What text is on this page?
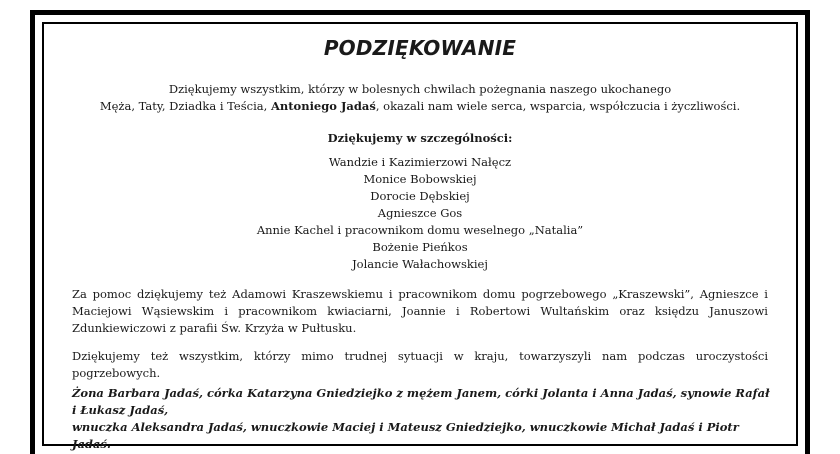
PODZIĘKOWANIE
Dziękujemy wszystkim, którzy w bolesnych chwilach pożegnania naszego ukochanego
Męża, Taty, Dziadka i Teścia, Antoniego Jadaś, okazali nam wiele serca, wsparcia, współczucia i życzliwości.
Dziękujemy w szczególności:
Wandzie i Kazimierzowi Nałęcz
Monice Bobowskiej
Dorocie Dębskiej
Agnieszce Gos
Annie Kachel i pracownikom domu weselnego „Natalia”
Bożenie Pieńkos
Jolancie Wałachowskiej
Za pomoc dziękujemy też Adamowi Kraszewskiemu i pracownikom domu pogrzebowego „Kraszewski”, Agnieszce i Maciejowi Wąsiewskim i pracownikom kwiaciarni, Joannie i Robertowi Wultańskim oraz księdzu Januszowi Zdunkiewiczowi z parafii Św. Krzyża w Pułtusku.
Dziękujemy też wszystkim, którzy mimo trudnej sytuacji w kraju, towarzyszyli nam podczas uroczystości pogrzebowych.
Żona Barbara Jadaś, córka Katarzyna Gniedziejko z mężem Janem, córki Jolanta i Anna Jadaś, synowie Rafał i Łukasz Jadaś,
wnuczka Aleksandra Jadaś, wnuczkowie Maciej i Mateusz Gniedziejko, wnuczkowie Michał Jadaś i Piotr Jadaś.
